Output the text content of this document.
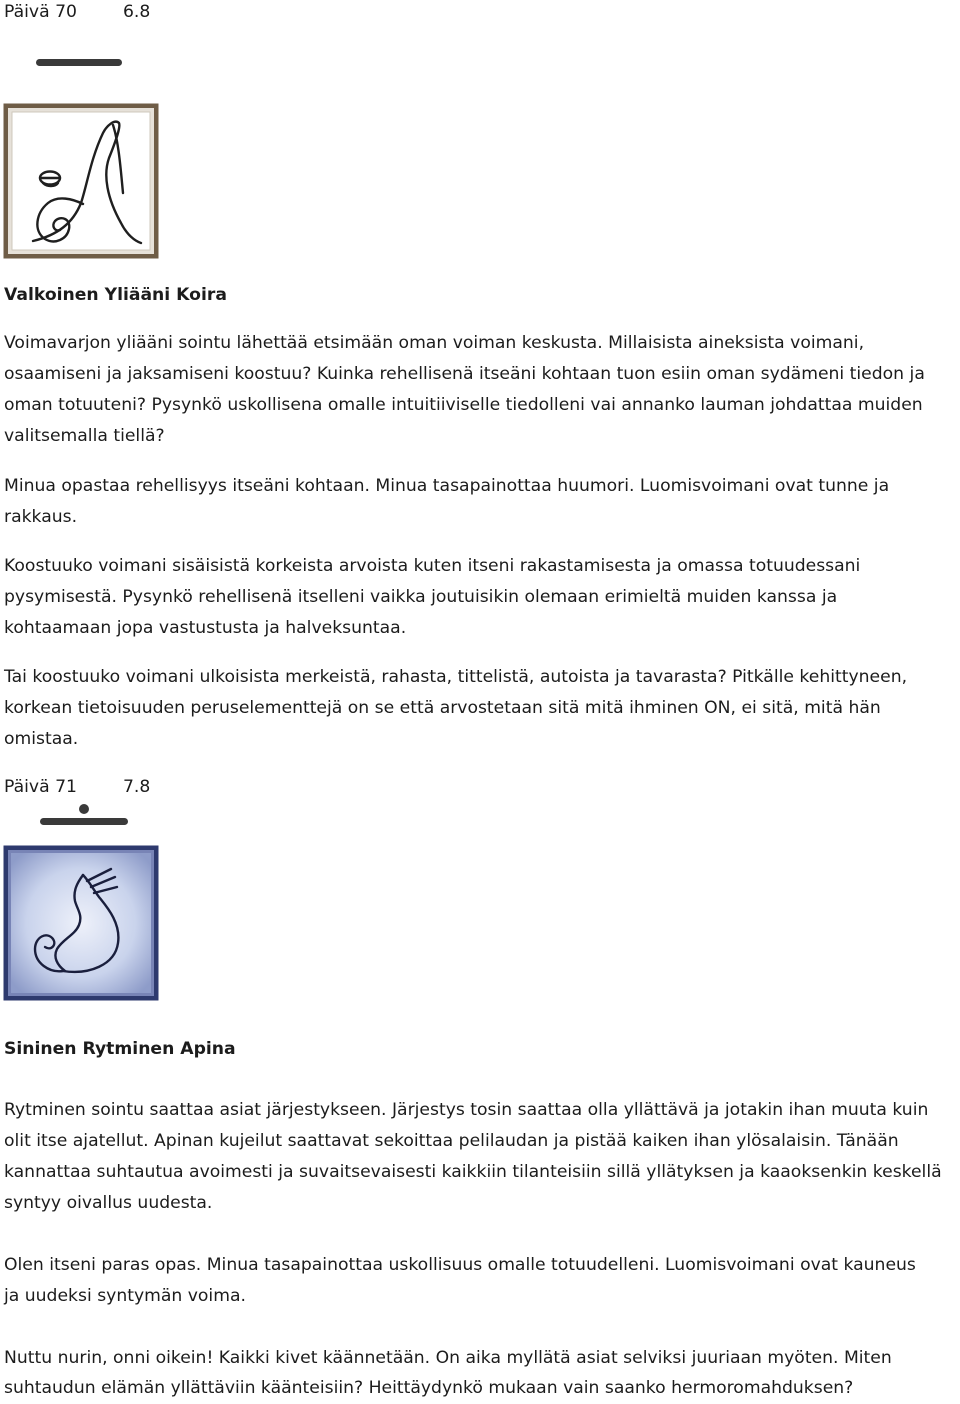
Päivä 70	6.8
Valkoinen Yliääni Koira
Voimavarjon yliääni sointu lähettää etsimään oman voiman keskusta. Millaisista aineksista voimani,
osaamiseni ja jaksamiseni koostuu? Kuinka rehellisenä itseäni kohtaan tuon esiin oman sydämeni tiedon ja
oman totuuteni? Pysynkö uskollisena omalle intuitiiviselle tiedolleni vai annanko lauman johdattaa muiden
valitsemalla tiellä?
Minua opastaa rehellisyys itseäni kohtaan. Minua tasapainottaa huumori. Luomisvoimani ovat tunne ja
rakkaus.
Koostuuko voimani sisäisistä korkeista arvoista kuten itseni rakastamisesta ja omassa totuudessani
pysymisestä. Pysynkö rehellisenä itselleni vaikka joutuisikin olemaan erimieltä muiden kanssa ja
kohtaamaan jopa vastustusta ja halveksuntaa.
Tai koostuuko voimani ulkoisista merkeistä, rahasta, tittelistä, autoista ja tavarasta? Pitkälle kehittyneen,
korkean tietoisuuden peruselementtejä on se että arvostetaan sitä mitä ihminen ON, ei sitä, mitä hän
omistaa.
Päivä 71	7.8
Sininen Rytminen Apina
Rytminen sointu saattaa asiat järjestykseen. Järjestys tosin saattaa olla yllättävä ja jotakin ihan muuta kuin
olit itse ajatellut. Apinan kujeilut saattavat sekoittaa pelilaudan ja pistää kaiken ihan ylösalaisin. Tänään
kannattaa suhtautua avoimesti ja suvaitsevaisesti kaikkiin tilanteisiin sillä yllätyksen ja kaaoksenkin keskellä
syntyy oivallus uudesta.
Olen itseni paras opas. Minua tasapainottaa uskollisuus omalle totuudelleni. Luomisvoimani ovat kauneus
ja uudeksi syntymän voima.
Nuttu nurin, onni oikein! Kaikki kivet käännetään. On aika myllätä asiat selviksi juuriaan myöten. Miten
suhtaudun elämän yllättäviin käänteisiin? Heittäydynkö mukaan vain saanko hermoromahduksen?
